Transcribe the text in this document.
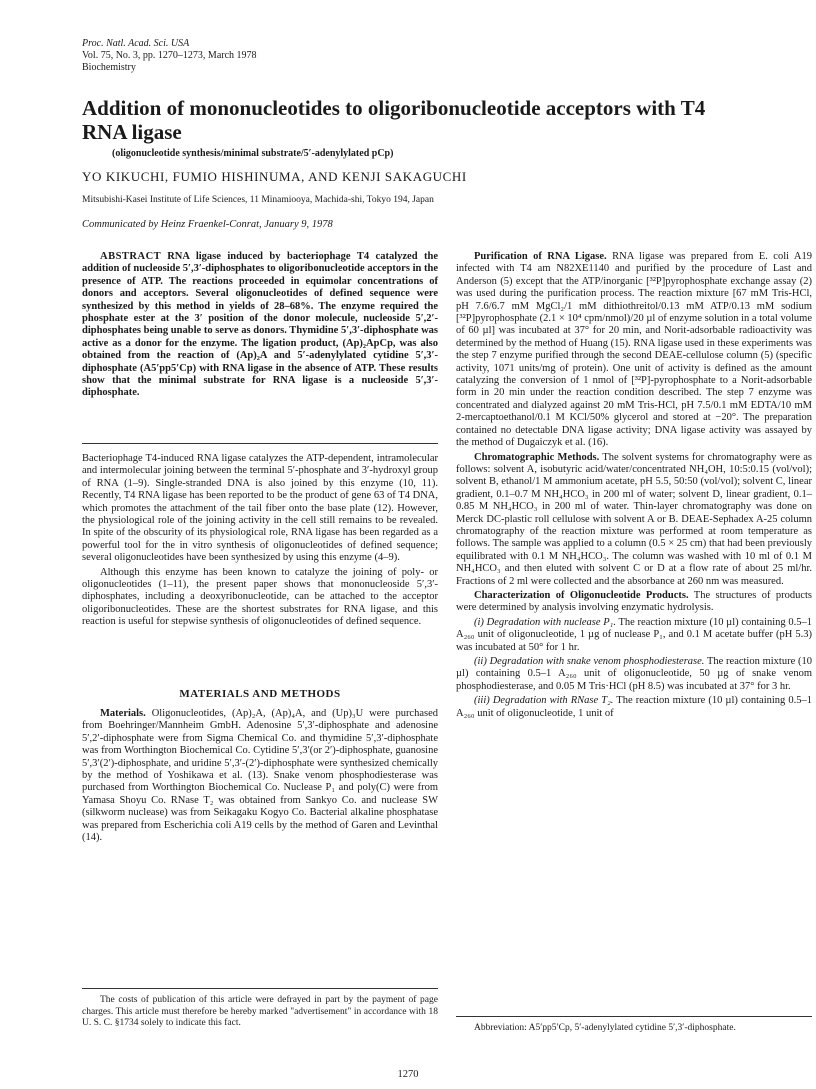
Proc. Natl. Acad. Sci. USA
Vol. 75, No. 3, pp. 1270–1273, March 1978
Biochemistry
Addition of mononucleotides to oligoribonucleotide acceptors with T4 RNA ligase
(oligonucleotide synthesis/minimal substrate/5′-adenylylated pCp)
YO KIKUCHI, FUMIO HISHINUMA, AND KENJI SAKAGUCHI
Mitsubishi-Kasei Institute of Life Sciences, 11 Minamiooya, Machida-shi, Tokyo 194, Japan
Communicated by Heinz Fraenkel-Conrat, January 9, 1978

ABSTRACT RNA ligase induced by bacteriophage T4 catalyzed the addition of nucleoside 5′,3′-diphosphates to oligoribonucleotide acceptors in the presence of ATP. The reactions proceeded in equimolar concentrations of donors and acceptors. Several oligonucleotides of defined sequence were synthesized by this method in yields of 28–68%. The enzyme required the phosphate ester at the 3′ position of the donor molecule, nucleoside 5′,2′-diphosphates being unable to serve as donors. Thymidine 5′,3′-diphosphate was active as a donor for the enzyme. The ligation product, (Ap)₂ApCp, was also obtained from the reaction of (Ap)₂A and 5′-adenylylated cytidine 5′,3′-diphosphate (A5′pp5′Cp) with RNA ligase in the absence of ATP. These results show that the minimal substrate for RNA ligase is a nucleoside 5′,3′-diphosphate.

Bacteriophage T4-induced RNA ligase catalyzes the ATP-dependent, intramolecular and intermolecular joining between the terminal 5′-phosphate and 3′-hydroxyl group of RNA (1–9). Single-stranded DNA is also joined by this enzyme (10, 11). Recently, T4 RNA ligase has been reported to be the product of gene 63 of T4 DNA, which promotes the attachment of the tail fiber onto the base plate (12). However, the physiological role of the joining activity in the cell still remains to be revealed. In spite of the obscurity of its physiological role, RNA ligase has been regarded as a powerful tool for the in vitro synthesis of oligonucleotides of defined sequence; several oligonucleotides have been synthesized by using this enzyme (4–9).

Although this enzyme has been known to catalyze the joining of poly- or oligonucleotides (1–11), the present paper shows that mononucleoside 5′,3′-diphosphates, including a deoxyribonucleotide, can be attached to the acceptor oligoribonucleotides. These are the shortest substrates for RNA ligase, and this reaction is useful for stepwise synthesis of oligonucleotides of defined sequence.

MATERIALS AND METHODS

Materials. Oligonucleotides, (Ap)₂A, (Ap)₄A, and (Up)₃U were purchased from Boehringer/Mannheim GmbH. Adenosine 5′,3′-diphosphate and adenosine 5′,2′-diphosphate were from Sigma Chemical Co. and thymidine 5′,3′-diphosphate was from Worthington Biochemical Co. Cytidine 5′,3′(or 2′)-diphosphate, guanosine 5′,3′(2′)-diphosphate, and uridine 5′,3′-(2′)-diphosphate were synthesized chemically by the method of Yoshikawa et al. (13). Snake venom phosphodiesterase was purchased from Worthington Biochemical Co. Nuclease P₁ and poly(C) were from Yamasa Shoyu Co. RNase T₂ was obtained from Sankyo Co. and nuclease SW (silkworm nuclease) was from Seikagaku Kogyo Co. Bacterial alkaline phosphatase was prepared from Escherichia coli A19 cells by the method of Garen and Levinthal (14).

The costs of publication of this article were defrayed in part by the payment of page charges. This article must therefore be hereby marked "advertisement" in accordance with 18 U. S. C. §1734 solely to indicate this fact.

Purification of RNA Ligase. RNA ligase was prepared from E. coli A19 infected with T4 am N82XE1140 and purified by the procedure of Last and Anderson (5) except that the ATP/inorganic [³²P]pyrophosphate exchange assay (2) was used during the purification process. The reaction mixture [67 mM Tris-HCl, pH 7.6/6.7 mM MgCl₂/1 mM dithiothreitol/0.13 mM ATP/0.13 mM sodium [³²P]pyrophosphate (2.1 × 10⁴ cpm/nmol)/20 µl of enzyme solution in a total volume of 60 µl] was incubated at 37° for 20 min, and Norit-adsorbable radioactivity was determined by the method of Huang (15). RNA ligase used in these experiments was the step 7 enzyme purified through the second DEAE-cellulose column (5) (specific activity, 1071 units/mg of protein). One unit of activity is defined as the amount catalyzing the conversion of 1 nmol of [³²P]-pyrophosphate to a Norit-adsorbable form in 20 min under the reaction condition described. The step 7 enzyme was concentrated and dialyzed against 20 mM Tris-HCl, pH 7.5/0.1 mM EDTA/10 mM 2-mercaptoethanol/0.1 M KCl/50% glycerol and stored at −20°. The preparation contained no detectable DNA ligase activity; DNA ligase activity was assayed by the method of Dugaiczyk et al. (16).

Chromatographic Methods. The solvent systems for chromatography were as follows: solvent A, isobutyric acid/water/concentrated NH₄OH, 10:5:0.15 (vol/vol); solvent B, ethanol/1 M ammonium acetate, pH 5.5, 50:50 (vol/vol); solvent C, linear gradient, 0.1–0.7 M NH₄HCO₃ in 200 ml of water; solvent D, linear gradient, 0.1–0.85 M NH₄HCO₃ in 200 ml of water. Thin-layer chromatography was done on Merck DC-plastic roll cellulose with solvent A or B. DEAE-Sephadex A-25 column chromatography of the reaction mixture was performed at room temperature as follows. The sample was applied to a column (0.5 × 25 cm) that had been previously equilibrated with 0.1 M NH₄HCO₃. The column was washed with 10 ml of 0.1 M NH₄HCO₃ and then eluted with solvent C or D at a flow rate of about 25 ml/hr. Fractions of 2 ml were collected and the absorbance at 260 nm was measured.

Characterization of Oligonucleotide Products. The structures of products were determined by analysis involving enzymatic hydrolysis.

(i) Degradation with nuclease P₁. The reaction mixture (10 µl) containing 0.5–1 A₂₆₀ unit of oligonucleotide, 1 µg of nuclease P₁, and 0.1 M acetate buffer (pH 5.3) was incubated at 50° for 1 hr.

(ii) Degradation with snake venom phosphodiesterase. The reaction mixture (10 µl) containing 0.5–1 A₂₆₀ unit of oligonucleotide, 50 µg of snake venom phosphodiesterase, and 0.05 M Tris·HCl (pH 8.5) was incubated at 37° for 3 hr.

(iii) Degradation with RNase T₂. The reaction mixture (10 µl) containing 0.5–1 A₂₆₀ unit of oligonucleotide, 1 unit of

Abbreviation: A5′pp5′Cp, 5′-adenylylated cytidine 5′,3′-diphosphate.

1270
